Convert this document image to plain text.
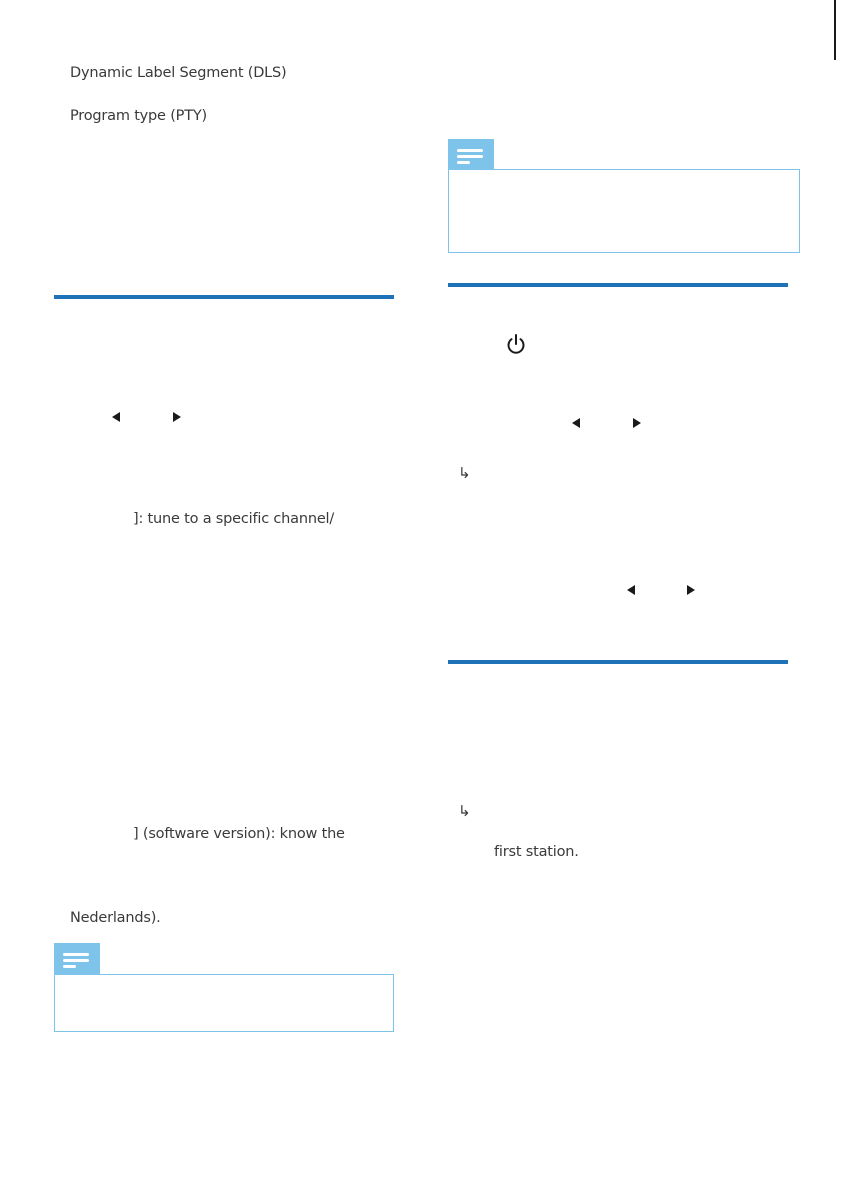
Dynamic Label Segment (DLS)
Program type (PTY)
]: tune to a specific channel/
] (software version): know the
Nederlands).
↳
↳
first station.
